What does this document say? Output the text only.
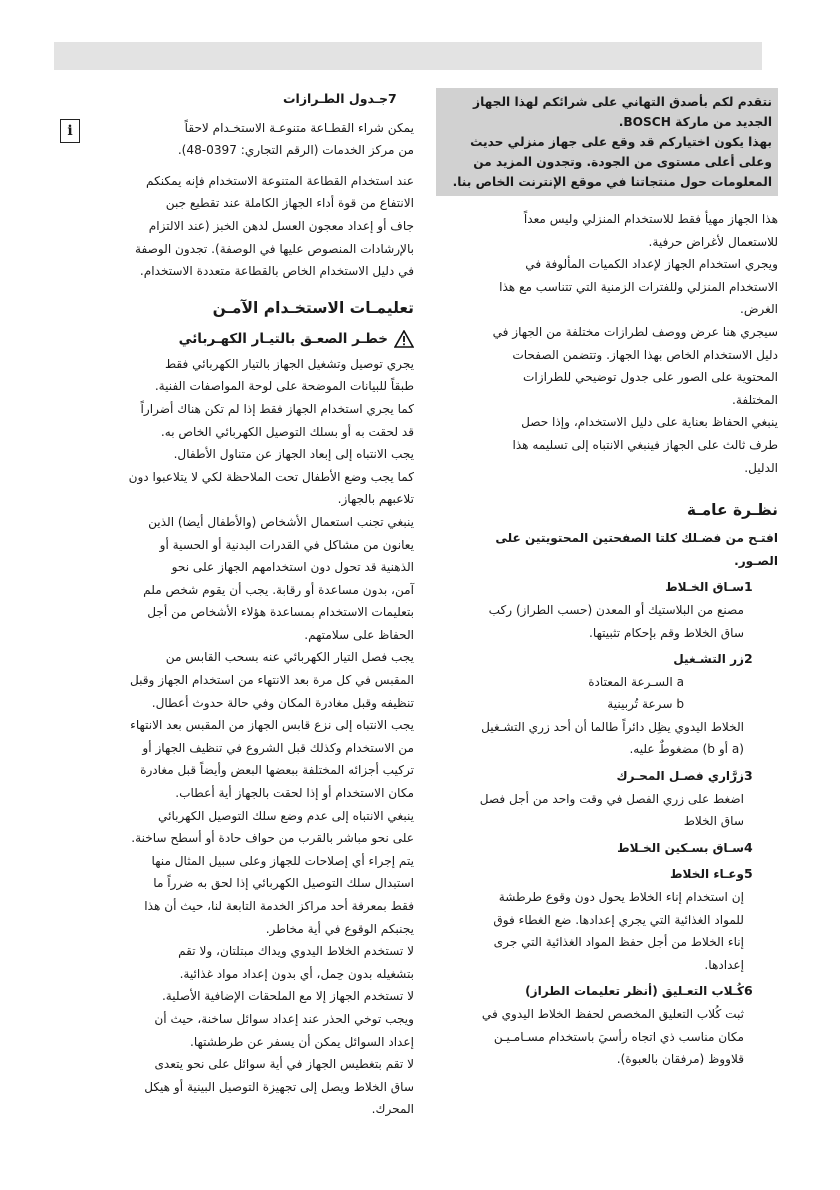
نتقدم لكم بأصدق التهاني على شرائكم لهذا الجهاز

الجديد من ماركة BOSCH.

بهذا يكون اختياركم قد وقع على جهاز منزلي حديث

وعلى أعلى مستوى من الجودة. وتجدون المزيد من

المعلومات حول منتجاتنا في موقع الإنترنت الخاص بنا.

هذا الجهاز مهيأ فقط للاستخدام المنزلي وليس معداً

للاستعمال لأغراض حرفية.

ويجري استخدام الجهاز لإعداد الكميات المألوفة في

الاستخدام المنزلي وللفترات الزمنية التي تتناسب مع هذا

الغرض.

سيجري هنا عرض ووصف لطرازات مختلفة من الجهاز في

دليل الاستخدام الخاص بهذا الجهاز. وتتضمن الصفحات

المحتوية على الصور على جدول توضيحي للطرازات

المختلفة.

ينبغي الحفاظ بعناية على دليل الاستخدام، وإذا حصل

طرف ثالث على الجهاز فينبغي الانتباه إلى تسليمه هذا

الدليل.

نظـرة عامـة

افتـح من فضـلك كلتا الصفحتين المحتويتين على

الصـور.

1

سـاق الخـلاط

مصنع من البلاستيك أو المعدن (حسب الطراز) ركب

ساق الخلاط وقم بإحكام تثبيتها.

2

زر التشـغيل

a السـرعة المعتادة

b سرعة تُربينية

الخلاط اليدوي يظِل دائراً طالما أن أحد زري التشـغيل

(a أو b) مضغوطٌ عليه.

3

زرَّاري فصـل المحـرك

اضغط على زري الفصل في وقت واحد من أجل فصل

ساق الخلاط

4

سـاق بسـكين الخـلاط

5

وعـاء الخلاط

إن استخدام إناء الخلاط يحول دون وقوع طرطشة

للمواد الغذائية التي يجري إعدادها. ضع الغطاء فوق

إناء الخلاط من أجل حفظ المواد الغذائية التي جرى

إعدادها.

6

كُـلاب التعـليق (أنظر تعليمات الطراز)

ثبت كُلاب التعليق المخصص لحفظ الخلاط اليدوي في

مكان مناسب ذي اتجاه رأسيَ باستخدام مسـامـيـن

قلاووظ (مرفقان بالعبوة).

7
جـدول الطـرازات

يمكن شراء القطـاعة متنوعـة الاستخـدام لاحقاً

من مركز الخدمات (الرقم التجاري: 0397-48).

i

عند استخدام القطاعة المتنوعة الاستخدام فإنه يمكنكم

الانتفاع من قوة أداء الجهاز الكاملة عند تقطيع جبن

جاف أو إعداد معجون العسل لدهن الخبز (عند الالتزام

بالإرشادات المنصوص عليها في الوصفة). تجدون الوصفة

في دليل الاستخدام الخاص بالقطاعة متعددة الاستخدام.

تعليمـات الاستخـدام الآمـن
خطـر الصعـق بالتيـار الكهـربائي

يجري توصيل وتشغيل الجهاز بالتيار الكهربائي فقط

طبقاً للبيانات الموضحة على لوحة المواصفات الفنية.

كما يجري استخدام الجهاز فقط إذا لم تكن هناك أضراراً

قد لحقت به أو بسلك التوصيل الكهربائي الخاص به.

يجب الانتباه إلى إبعاد الجهاز عن متناول الأطفال.

كما يجب وضع الأطفال تحت الملاحظة لكي لا يتلاعبوا دون

تلاعبهم بالجهاز.

ينبغي تجنب استعمال الأشخاص (والأطفال أيضا) الذين

يعانون من مشاكل في القدرات البدنية أو الحسية أو

الذهنية قد تحول دون استخدامهم الجهاز على نحو

آمن، بدون مساعدة أو رقابة. يجب أن يقوم شخص ملم

بتعليمات الاستخدام بمساعدة هؤلاء الأشخاص من أجل

الحفاظ على سلامتهم.

يجب فصل التيار الكهربائي عنه بسحب القابس من

المقبس في كل مرة بعد الانتهاء من استخدام الجهاز وقبل

تنظيفه وقبل مغادرة المكان وفي حالة حدوث أعطال.

يجب الانتباه إلى نزع قابس الجهاز من المقبس بعد الانتهاء

من الاستخدام وكذلك قبل الشروع في تنظيف الجهاز أو

تركيب أجزائه المختلفة ببعضها البعض وأيضاً قبل مغادرة

مكان الاستخدام أو إذا لحقت بالجهاز أية أعطاب.

ينبغي الانتباه إلى عدم وضع سلك التوصيل الكهربائي

على نحو مباشر بالقرب من حواف حادة أو أسطح ساخنة.

يتم إجراء أي إصلاحات للجهاز وعلى سبيل المثال منها

استبدال سلك التوصيل الكهربائي إذا لحق به ضرراً ما

فقط بمعرفة أحد مراكز الخدمة التابعة لنا، حيث أن هذا

يجنبكم الوقوع في أية مخاطر.

لا تستخدم الخلاط اليدوي ويداك مبتلتان، ولا تقم

بتشغيله بدون حِمل، أي بدون إعداد مواد غذائية.

لا تستخدم الجهاز إلا مع الملحقات الإضافية الأصلية.

ويجب توخي الحذر عند إعداد سوائل ساخنة، حيث أن

إعداد السوائل يمكن أن يسفر عن طرطشتها.

لا تقم بتغطيس الجهاز في أية سوائل على نحو يتعدى

ساق الخلاط ويصل إلى تجهيزة التوصيل البينية أو هيكل

المحرك.
